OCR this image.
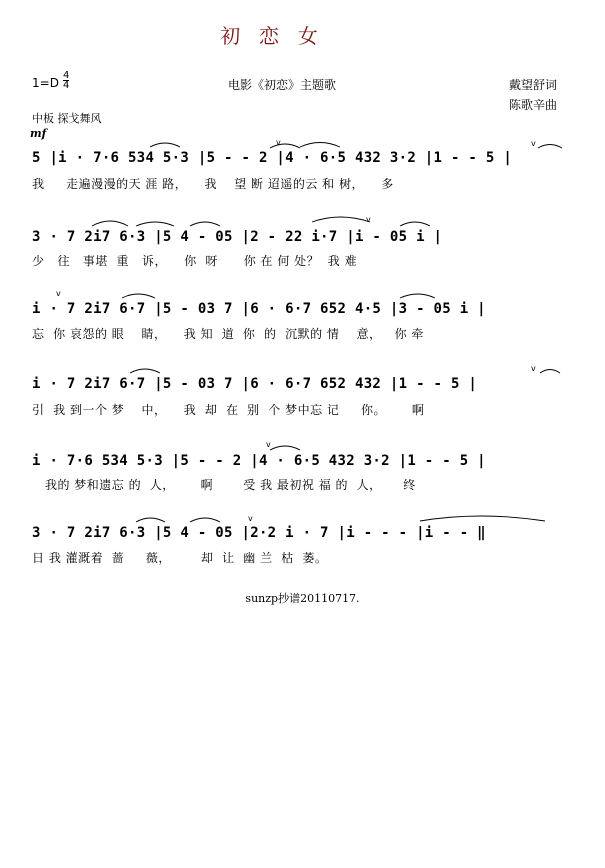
初  恋  女
1=D
4
4	电影《初恋》主题歌	戴望舒词
陈歌辛曲
中板 探戈舞风
mf
5 |i · 7·6 534 5·3 |5 - - 2 |4 · 6·5 432 3·2 |1 - - 5 |
我     走遍漫漫的天 涯 路，    我    望 断 迢遥的云 和 树，    多
3 · 7 2i7 6·3 |5 4 - 05 |2 - 22 i·7 |i - 05 i |
少   往   事堪  重   诉，    你  呀      你 在 何 处？  我 难
i · 7 2i7 6·7 |5 - 03 7 |6 · 6·7 652 4·5 |3 - 05 i |
忘  你 哀怨的 眼    睛，    我 知  道  你  的  沉默的 情    意，   你 牵
i · 7 2i7 6·7 |5 - 03 7 |6 · 6·7 652 432 |1 - - 5 |
引  我 到一个 梦    中，    我  却  在  别  个 梦中忘 记     你。      啊
i · 7·6 534 5·3 |5 - - 2 |4 · 6·5 432 3·2 |1 - - 5 |
我的 梦和遗忘 的  人，      啊       受 我 最初祝 福 的  人，     终
3 · 7 2i7 6·3 |5 4 - 05 |2·2 i · 7 |i - - - |i - - ‖
日 我 灌溉着  蔷     薇，       却  让  幽 兰  枯  萎。
sunzp抄谱20110717.
v	v
v
v
v
v
v
